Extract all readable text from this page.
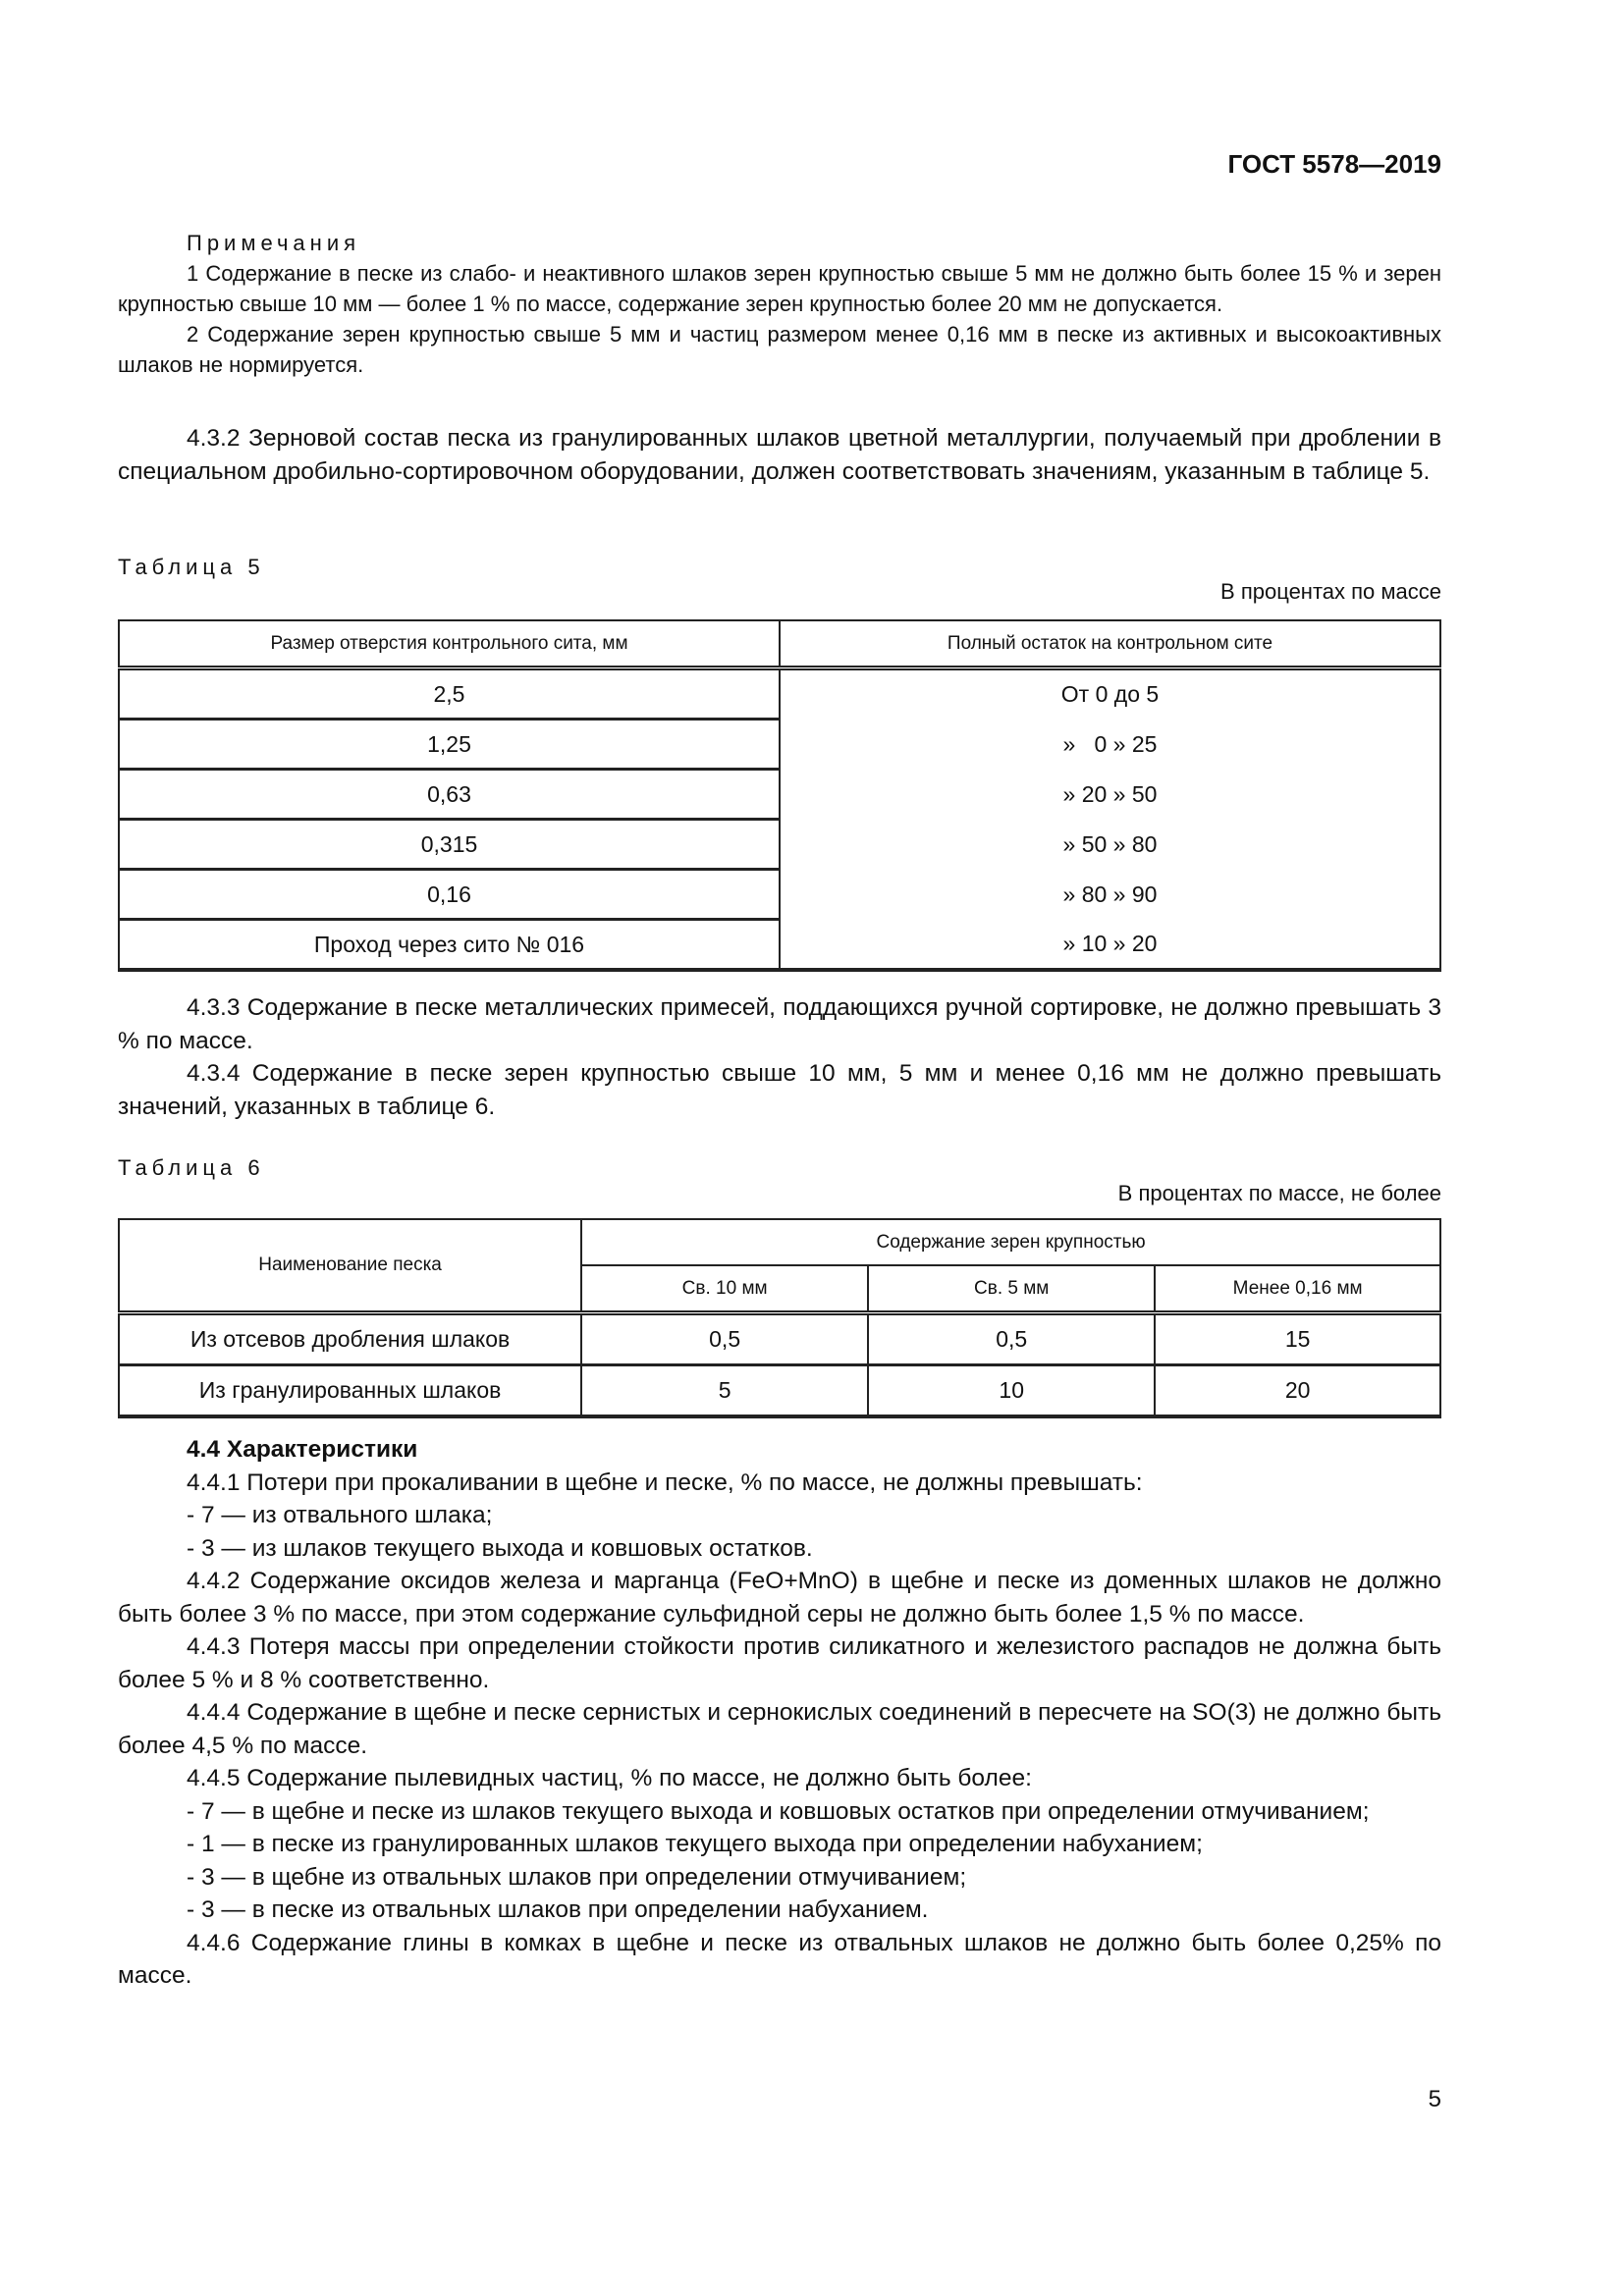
ГОСТ 5578—2019

Примечания

1 Содержание в песке из слабо- и неактивного шлаков зерен крупностью свыше 5 мм не должно быть более 15 % и зерен крупностью свыше 10 мм — более 1 % по массе, содержание зерен крупностью более 20 мм не допускается.

2 Содержание зерен крупностью свыше 5 мм и частиц размером менее 0,16 мм в песке из активных и высокоактивных шлаков не нормируется.

4.3.2 Зерновой состав песка из гранулированных шлаков цветной металлургии, получаемый при дроблении в специальном дробильно-сортировочном оборудовании, должен соответствовать значениям, указанным в таблице 5.

Таблица 5
В процентах по массе
Размер отверстия контрольного сита, мм	Полный остаток на контрольном сите
2,5	От 0 до 5
1,25	»   0 » 25
0,63	» 20 » 50
0,315	» 50 » 80
0,16	» 80 » 90
Проход через сито № 016	» 10 » 20

4.3.3 Содержание в песке металлических примесей, поддающихся ручной сортировке, не должно превышать 3 % по массе.

4.3.4 Содержание в песке зерен крупностью свыше 10 мм, 5 мм и менее 0,16 мм не должно превышать значений, указанных в таблице 6.

Таблица 6
В процентах по массе, не более
Наименование песка	Содержание зерен крупностью		
	Св. 10 мм	Св. 5 мм	Менее 0,16 мм
Из отсевов дробления шлаков	0,5	0,5	15
Из гранулированных шлаков	5	10	20

4.4 Характеристики

4.4.1 Потери при прокаливании в щебне и песке, % по массе, не должны превышать:

- 7 — из отвального шлака;

- 3 — из шлаков текущего выхода и ковшовых остатков.

4.4.2 Содержание оксидов железа и марганца (FeO+MnO) в щебне и песке из доменных шлаков не должно быть более 3 % по массе, при этом содержание сульфидной серы не должно быть более 1,5 % по массе.

4.4.3 Потеря массы при определении стойкости против силикатного и железистого распадов не должна быть более 5 % и 8 % соответственно.

4.4.4 Содержание в щебне и песке сернистых и сернокислых соединений в пересчете на SO(3) не должно быть более 4,5 % по массе.

4.4.5 Содержание пылевидных частиц, % по массе, не должно быть более:

- 7 — в щебне и песке из шлаков текущего выхода и ковшовых остатков при определении отмучиванием;

- 1 — в песке из гранулированных шлаков текущего выхода при определении набуханием;

- 3 — в щебне из отвальных шлаков при определении отмучиванием;

- 3 — в песке из отвальных шлаков при определении набуханием.

4.4.6 Содержание глины в комках в щебне и песке из отвальных шлаков не должно быть более 0,25% по массе.

5
